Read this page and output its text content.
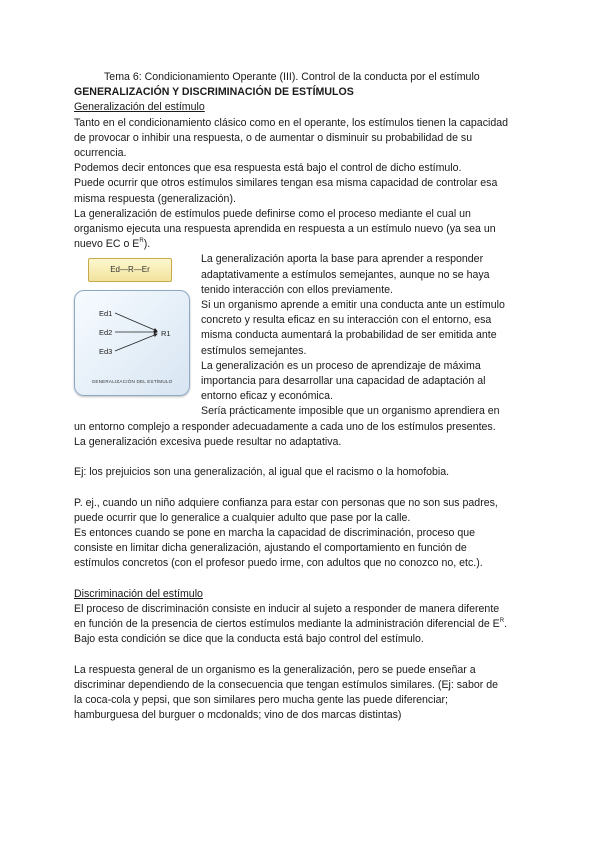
Tema 6: Condicionamiento Operante (III). Control de la conducta por el estímulo

GENERALIZACIÓN Y DISCRIMINACIÓN DE ESTÍMULOS

Generalización del estímulo

Tanto en el condicionamiento clásico como en el operante, los estímulos tienen la capacidad

de provocar o inhibir una respuesta, o de aumentar o disminuir su probabilidad de su

ocurrencia.

Podemos decir entonces que esa respuesta está bajo el control de dicho estímulo.

Puede ocurrir que otros estímulos similares tengan esa misma capacidad de controlar esa

misma respuesta (generalización).

La generalización de estímulos puede definirse como el proceso mediante el cual un

organismo ejecuta una respuesta aprendida en respuesta a un estímulo nuevo (ya sea un

nuevo EC o $E^R$).

Ed—R—Er
Ed1
Ed2
Ed3
R1
GENERALIZACIÓN DEL ESTÍMULO

La generalización aporta la base para aprender a responder

adaptativamente a estímulos semejantes, aunque no se haya

tenido interacción con ellos previamente.

Si un organismo aprende a emitir una conducta ante un estímulo

concreto y resulta eficaz en su interacción con el entorno, esa

misma conducta aumentará la probabilidad de ser emitida ante

estímulos semejantes.

La generalización es un proceso de aprendizaje de máxima

importancia para desarrollar una capacidad de adaptación al

entorno eficaz y económica.

Sería prácticamente imposible que un organismo aprendiera en

un entorno complejo a responder adecuadamente a cada uno de los estímulos presentes.

La generalización excesiva puede resultar no adaptativa.

Ej: los prejuicios son una generalización, al igual que el racismo o la homofobia.

P. ej., cuando un niño adquiere confianza para estar con personas que no son sus padres,

puede ocurrir que lo generalice a cualquier adulto que pase por la calle.

Es entonces cuando se pone en marcha la capacidad de discriminación, proceso que

consiste en limitar dicha generalización, ajustando el comportamiento en función de

estímulos concretos (con el profesor puedo irme, con adultos que no conozco no, etc.).

Discriminación del estímulo

El proceso de discriminación consiste en inducir al sujeto a responder de manera diferente

en función de la presencia de ciertos estímulos mediante la administración diferencial de $E^R$.

Bajo esta condición se dice que la conducta está bajo control del estímulo.

La respuesta general de un organismo es la generalización, pero se puede enseñar a

discriminar dependiendo de la consecuencia que tengan estímulos similares. (Ej: sabor de

la coca-cola y pepsi, que son similares pero mucha gente las puede diferenciar;

hamburguesa del burguer o mcdonalds; vino de dos marcas distintas)
